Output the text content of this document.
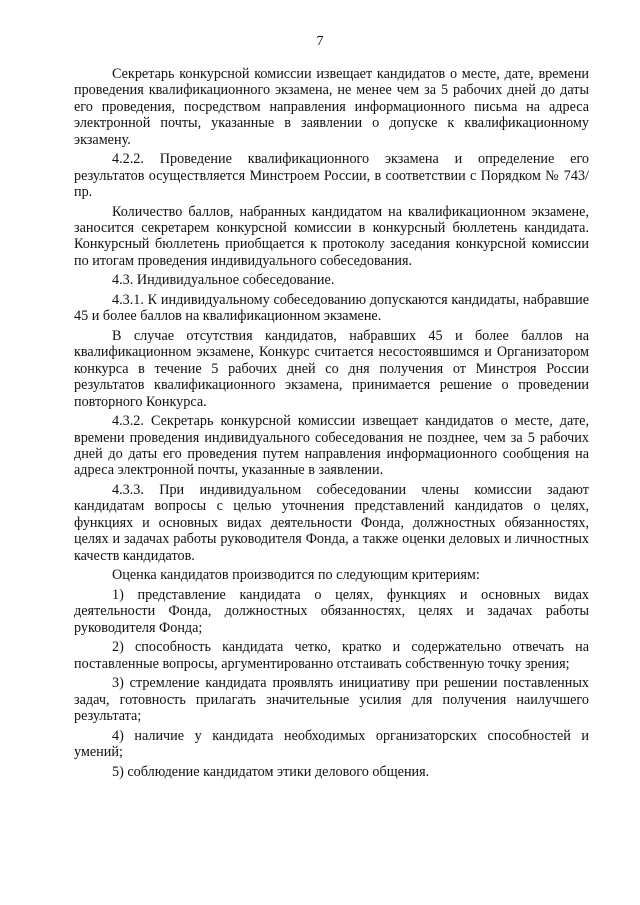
7

Секретарь конкурсной комиссии извещает кандидатов о месте, дате, времени проведения квалификационного экзамена, не менее чем за 5 рабочих дней до даты его проведения, посредством направления информационного письма на адреса электронной почты, указанные в заявлении о допуске к квалификационному экзамену.

4.2.2. Проведение квалификационного экзамена и определение его результатов осуществляется Минстроем России, в соответствии с Порядком № 743/пр.

Количество баллов, набранных кандидатом на квалификационном экзамене, заносится секретарем конкурсной комиссии в конкурсный бюллетень кандидата. Конкурсный бюллетень приобщается к протоколу заседания конкурсной комиссии по итогам проведения индивидуального собеседования.

4.3. Индивидуальное собеседование.

4.3.1. К индивидуальному собеседованию допускаются кандидаты, набравшие 45 и более баллов на квалификационном экзамене.

В случае отсутствия кандидатов, набравших 45 и более баллов на квалификационном экзамене, Конкурс считается несостоявшимся и Организатором конкурса в течение 5 рабочих дней со дня получения от Минстроя России результатов квалификационного экзамена, принимается решение о проведении повторного Конкурса.

4.3.2. Секретарь конкурсной комиссии извещает кандидатов о месте, дате, времени проведения индивидуального собеседования не позднее, чем за 5 рабочих дней до даты его проведения путем направления информационного сообщения на адреса электронной почты, указанные в заявлении.

4.3.3. При индивидуальном собеседовании члены комиссии задают кандидатам вопросы с целью уточнения представлений кандидатов о целях, функциях и основных видах деятельности Фонда, должностных обязанностях, целях и задачах работы руководителя Фонда, а также оценки деловых и личностных качеств кандидатов.

Оценка кандидатов производится по следующим критериям:

1) представление кандидата о целях, функциях и основных видах деятельности Фонда, должностных обязанностях, целях и задачах работы руководителя Фонда;

2) способность кандидата четко, кратко и содержательно отвечать на поставленные вопросы, аргументированно отстаивать собственную точку зрения;

3) стремление кандидата проявлять инициативу при решении поставленных задач, готовность прилагать значительные усилия для получения наилучшего результата;

4) наличие у кандидата необходимых организаторских способностей и умений;

5) соблюдение кандидатом этики делового общения.
